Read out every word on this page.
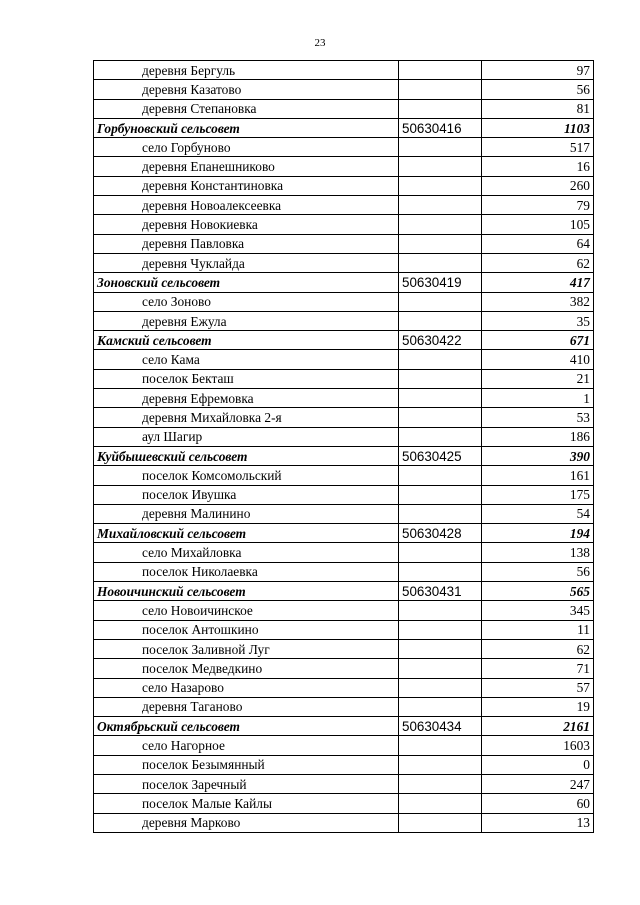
23
деревня Бергуль		97
деревня Казатово		56
деревня Степановка		81
Горбуновский сельсовет	50630416	1103
село Горбуново		517
деревня Епанешниково		16
деревня Константиновка		260
деревня Новоалексеевка		79
деревня Новокиевка		105
деревня Павловка		64
деревня Чуклайда		62
Зоновский сельсовет	50630419	417
село Зоново		382
деревня Ежула		35
Камский сельсовет	50630422	671
село Кама		410
поселок Бекташ		21
деревня Ефремовка		1
деревня Михайловка 2-я		53
аул Шагир		186
Куйбышевский сельсовет	50630425	390
поселок Комсомольский		161
поселок Ивушка		175
деревня Малинино		54
Михайловский сельсовет	50630428	194
село Михайловка		138
поселок Николаевка		56
Новоичинский сельсовет	50630431	565
село Новоичинское		345
поселок Антошкино		11
поселок Заливной Луг		62
поселок Медведкино		71
село Назарово		57
деревня Таганово		19
Октябрьский сельсовет	50630434	2161
село Нагорное		1603
поселок Безымянный		0
поселок Заречный		247
поселок Малые Кайлы		60
деревня Марково		13
